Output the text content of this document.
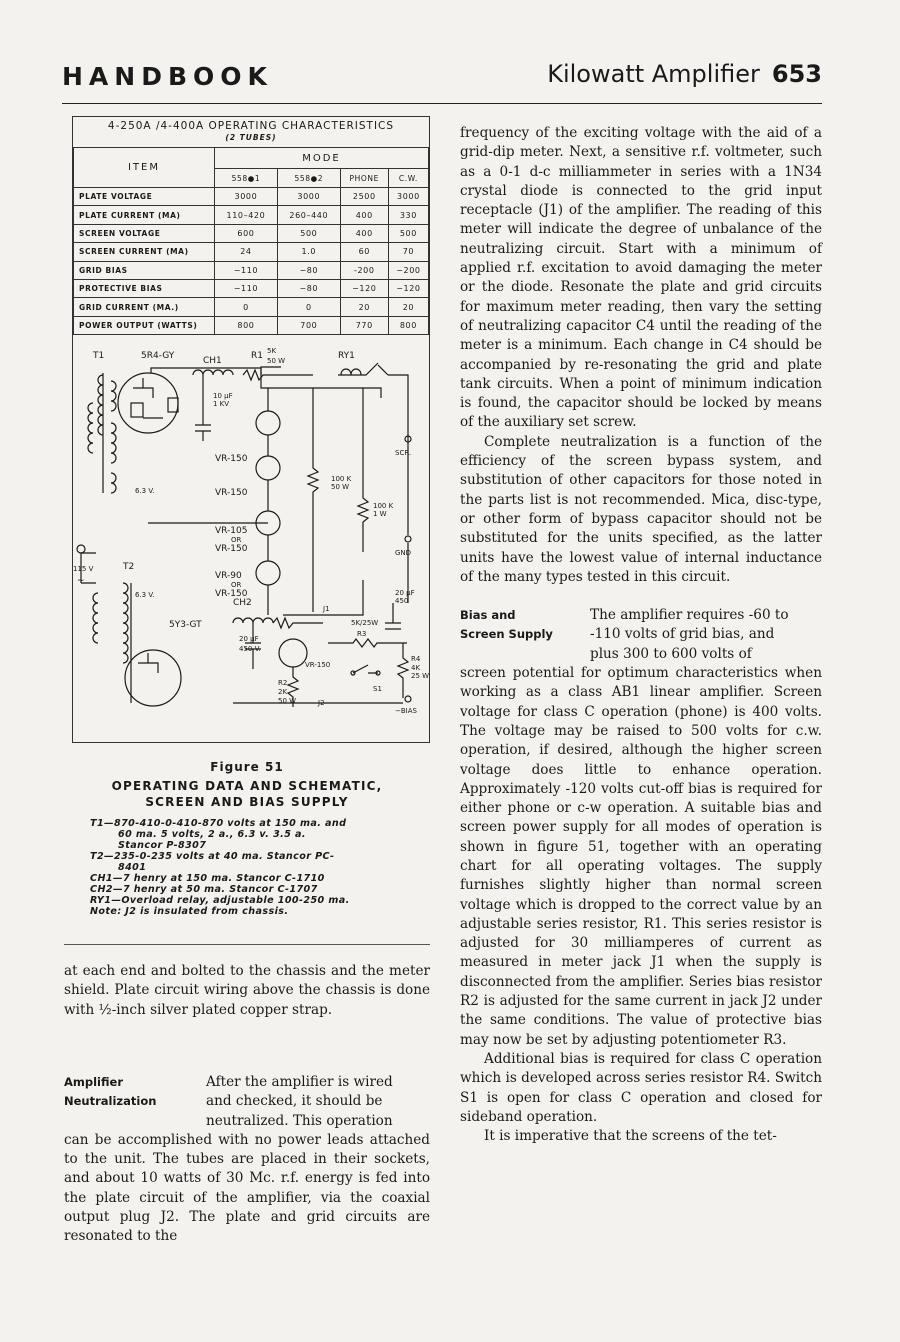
HANDBOOK	Kilowatt Amplifier 653
4-250A /4-400A OPERATING CHARACTERISTICS
(2 TUBES)				

ITEM	MODE			
	558●1	558●2	PHONE	C.W.
PLATE VOLTAGE	3000	3000	2500	3000
PLATE CURRENT (MA)	110–420	260–440	400	330
SCREEN VOLTAGE	600	500	400	500
SCREEN CURRENT (MA)	24	1.0	60	70
GRID BIAS	−110	−80	-200	−200
PROTECTIVE BIAS	−110	−80	−120	−120
GRID CURRENT (MA.)	0	0	20	20
POWER OUTPUT (WATTS)	800	700	770	800
T1	5R4-GY	CH1	R1 5K
50 W	RY1
10 µF
1 KV
VR-150
VR-150
VR-105
OR
VR-150
VR-90
OR
VR-150
100 K
50 W
100 K
1 W
SCR.
GND
6.3 V.
6.3 V.
T2
115 V
∼
5Y3-GT
CH2
20 µF
450 V.
J1
5K/25W
R3
20 µF
450
VR-150
R4
4K
25 W
R2
2K
50 W	J2
S1
−BIAS
Figure 51
OPERATING DATA AND SCHEMATIC,
SCREEN AND BIAS SUPPLY
T1—870-410-0-410-870 volts at 150 ma. and
60 ma. 5 volts, 2 a., 6.3 v. 3.5 a.
Stancor P-8307
T2—235-0-235 volts at 40 ma. Stancor PC-
8401
CH1—7 henry at 150 ma. Stancor C-1710
CH2—7 henry at 50 ma. Stancor C-1707
RY1—Overload relay, adjustable 100-250 ma.
Note: J2 is insulated from chassis.

at each end and bolted to the chassis and the meter shield. Plate circuit wiring above the chassis is done with ½-inch silver plated copper strap.

Amplifier
Neutralization
After the amplifier is wired
and checked, it should be
neutralized. This operation

can be accomplished with no power leads attached to the unit. The tubes are placed in their sockets, and about 10 watts of 30 Mc. r.f. energy is fed into the plate circuit of the amplifier, via the coaxial output plug J2. The plate and grid circuits are resonated to the

frequency of the exciting voltage with the aid of a grid-dip meter. Next, a sensitive r.f. voltmeter, such as a 0-1 d-c milliammeter in series with a 1N34 crystal diode is connected to the grid input receptacle (J1) of the amplifier. The reading of this meter will indicate the degree of unbalance of the neutralizing circuit. Start with a minimum of applied r.f. excitation to avoid damaging the meter or the diode. Resonate the plate and grid circuits for maximum meter reading, then vary the setting of neutralizing capacitor C4 until the reading of the meter is a minimum. Each change in C4 should be accompanied by re-resonating the grid and plate tank circuits. When a point of minimum indication is found, the capacitor should be locked by means of the auxiliary set screw.

Complete neutralization is a function of the efficiency of the screen bypass system, and substitution of other capacitors for those noted in the parts list is not recommended. Mica, disc-type, or other form of bypass capacitor should not be substituted for the units specified, as the latter units have the lowest value of internal inductance of the many types tested in this circuit.

Bias and
Screen Supply
The amplifier requires -60 to
-110 volts of grid bias, and
plus 300 to 600 volts of

screen potential for optimum characteristics when working as a class AB1 linear amplifier. Screen voltage for class C operation (phone) is 400 volts. The voltage may be raised to 500 volts for c.w. operation, if desired, although the higher screen voltage does little to enhance operation. Approximately -120 volts cut-off bias is required for either phone or c-w operation. A suitable bias and screen power supply for all modes of operation is shown in figure 51, together with an operating chart for all operating voltages. The supply furnishes slightly higher than normal screen voltage which is dropped to the correct value by an adjustable series resistor, R1. This series resistor is adjusted for 30 milliamperes of current as measured in meter jack J1 when the supply is disconnected from the amplifier. Series bias resistor R2 is adjusted for the same current in jack J2 under the same conditions. The value of protective bias may now be set by adjusting potentiometer R3.

Additional bias is required for class C operation which is developed across series resistor R4. Switch S1 is open for class C operation and closed for sideband operation.

It is imperative that the screens of the tet-
